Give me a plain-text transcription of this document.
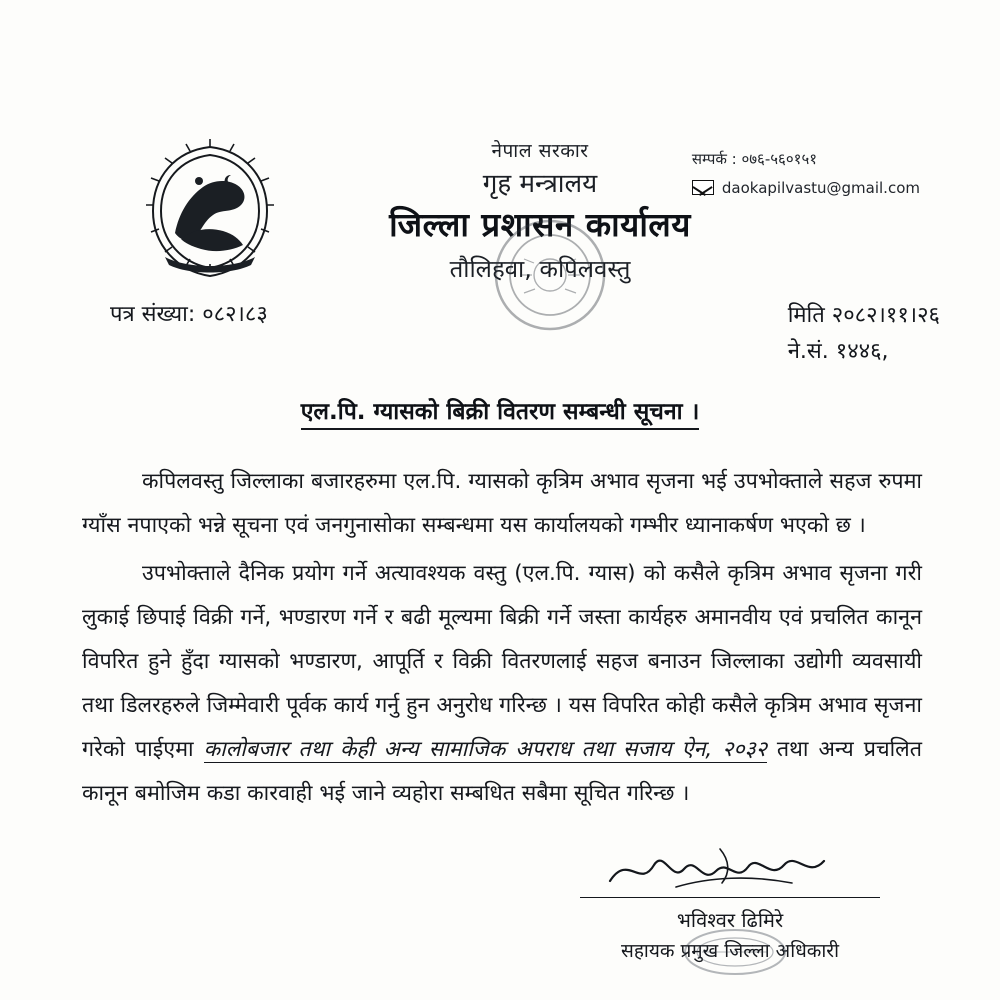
नेपाल सरकार
गृह मन्त्रालय
जिल्ला प्रशासन कार्यालय
तौलिहवा, कपिलवस्तु
सम्पर्क : ०७६-५६०१५१
daokapilvastu@gmail.com
पत्र संख्या: ०८२।८३	मिति २०८२।११।२६
ने.सं. १४४६,
एल.पि. ग्यासको बिक्री वितरण सम्बन्धी सूचना ।

कपिलवस्तु जिल्लाका बजारहरुमा एल.पि. ग्यासको कृत्रिम अभाव सृजना भई उपभोक्ताले सहज रुपमा ग्याँस नपाएको भन्ने सूचना एवं जनगुनासोका सम्बन्धमा यस कार्यालयको गम्भीर ध्यानाकर्षण भएको छ ।

उपभोक्ताले दैनिक प्रयोग गर्ने अत्यावश्यक वस्तु (एल.पि. ग्यास) को कसैले कृत्रिम अभाव सृजना गरी लुकाई छिपाई विक्री गर्ने, भण्डारण गर्ने र बढी मूल्यमा बिक्री गर्ने जस्ता कार्यहरु अमानवीय एवं प्रचलित कानून विपरित हुने हुँदा ग्यासको भण्डारण, आपूर्ति र विक्री वितरणलाई सहज बनाउन जिल्लाका उद्योगी व्यवसायी तथा डिलरहरुले जिम्मेवारी पूर्वक कार्य गर्नु हुन अनुरोध गरिन्छ । यस विपरित कोही कसैले कृत्रिम अभाव सृजना गरेको पाईएमा कालोबजार तथा केही अन्य सामाजिक अपराध तथा सजाय ऐन, २०३२ तथा अन्य प्रचलित कानून बमोजिम कडा कारवाही भई जाने व्यहोरा सम्बधित सबैमा सूचित गरिन्छ ।

भविश्वर ढिमिरे
सहायक प्रमुख जिल्ला अधिकारी
